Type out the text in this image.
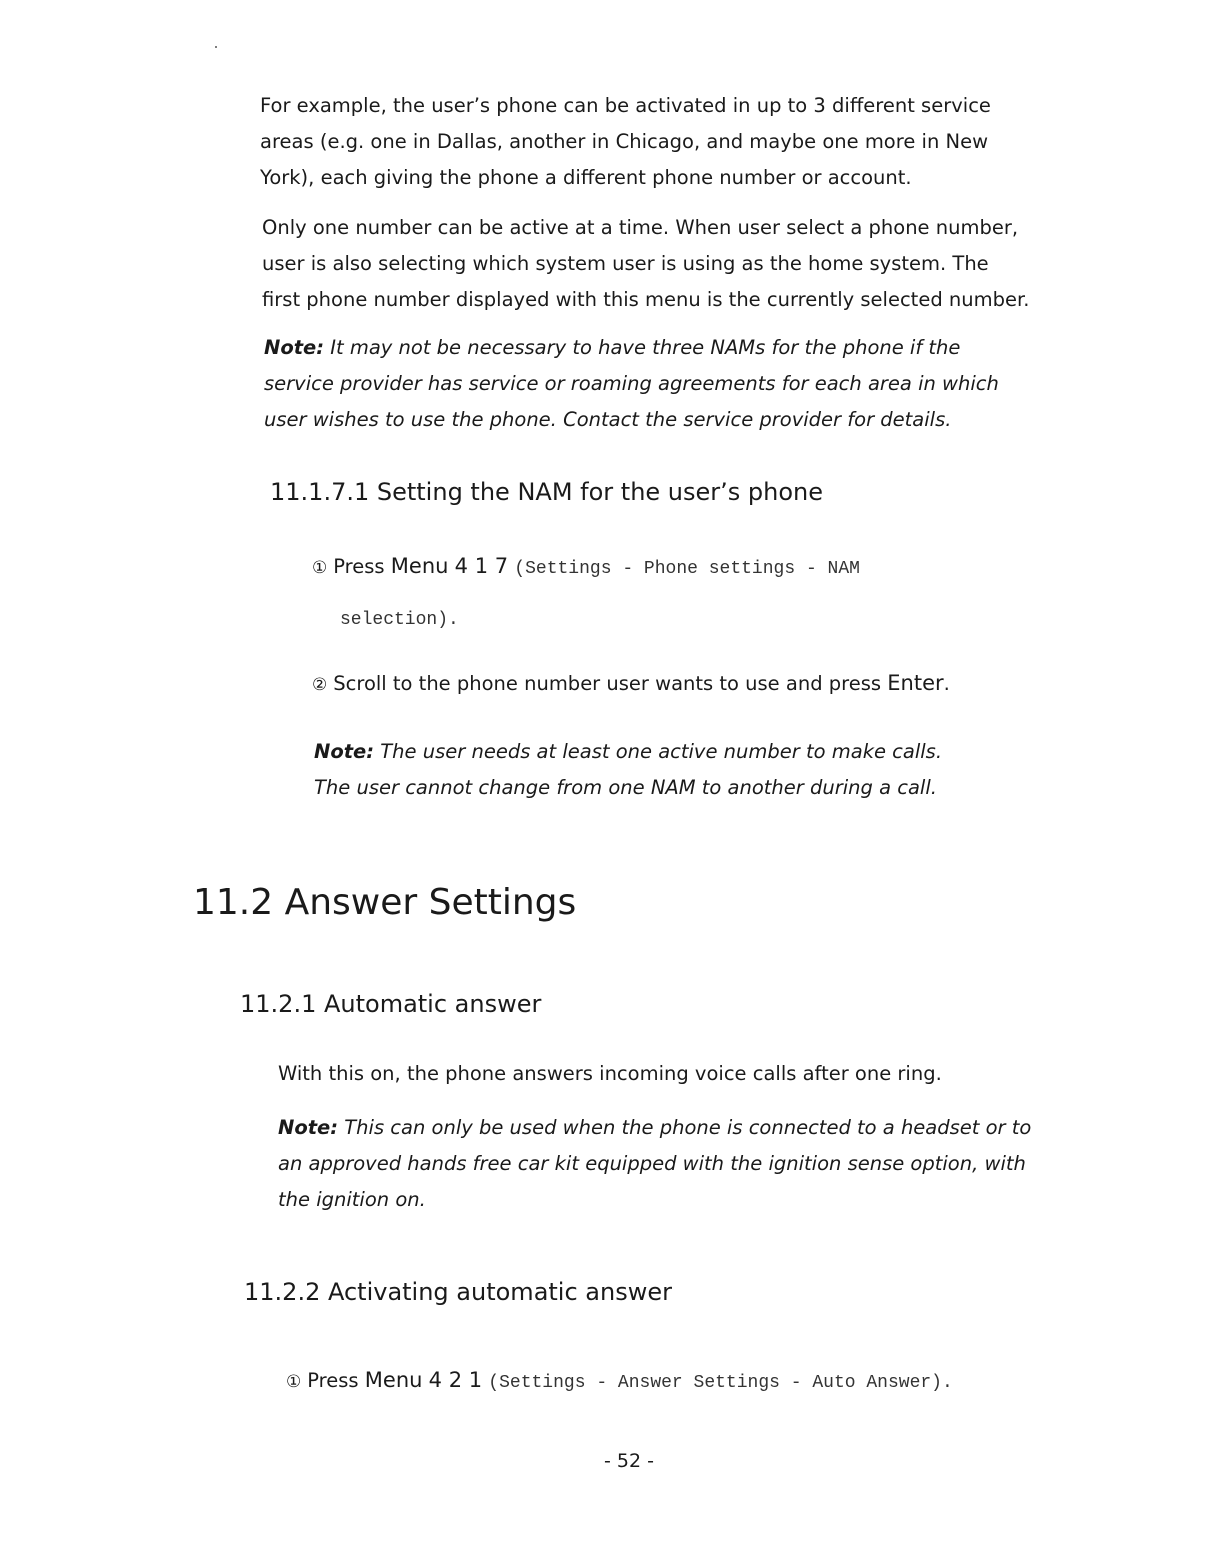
For example, the user’s phone can be activated in up to 3 different service

areas (e.g. one in Dallas, another in Chicago, and maybe one more in New

York), each giving the phone a different phone number or account.

Only one number can be active at a time. When user select a phone number,

user is also selecting which system user is using as the home system. The

first phone number displayed with this menu is the currently selected number.

Note: It may not be necessary to have three NAMs for the phone if the

service provider has service or roaming agreements for each area in which

user wishes to use the phone. Contact the service provider for details.

11.1.7.1 Setting the NAM for the user’s phone

① Press Menu 4 1 7 (Settings - Phone settings - NAM

selection).

② Scroll to the phone number user wants to use and press Enter.

Note: The user needs at least one active number to make calls.

The user cannot change from one NAM to another during a call.

11.2 Answer Settings
11.2.1 Automatic answer

With this on, the phone answers incoming voice calls after one ring.

Note: This can only be used when the phone is connected to a headset or to

an approved hands free car kit equipped with the ignition sense option, with

the ignition on.

11.2.2 Activating automatic answer

① Press Menu 4 2 1 (Settings - Answer Settings - Auto Answer).

- 52 -
